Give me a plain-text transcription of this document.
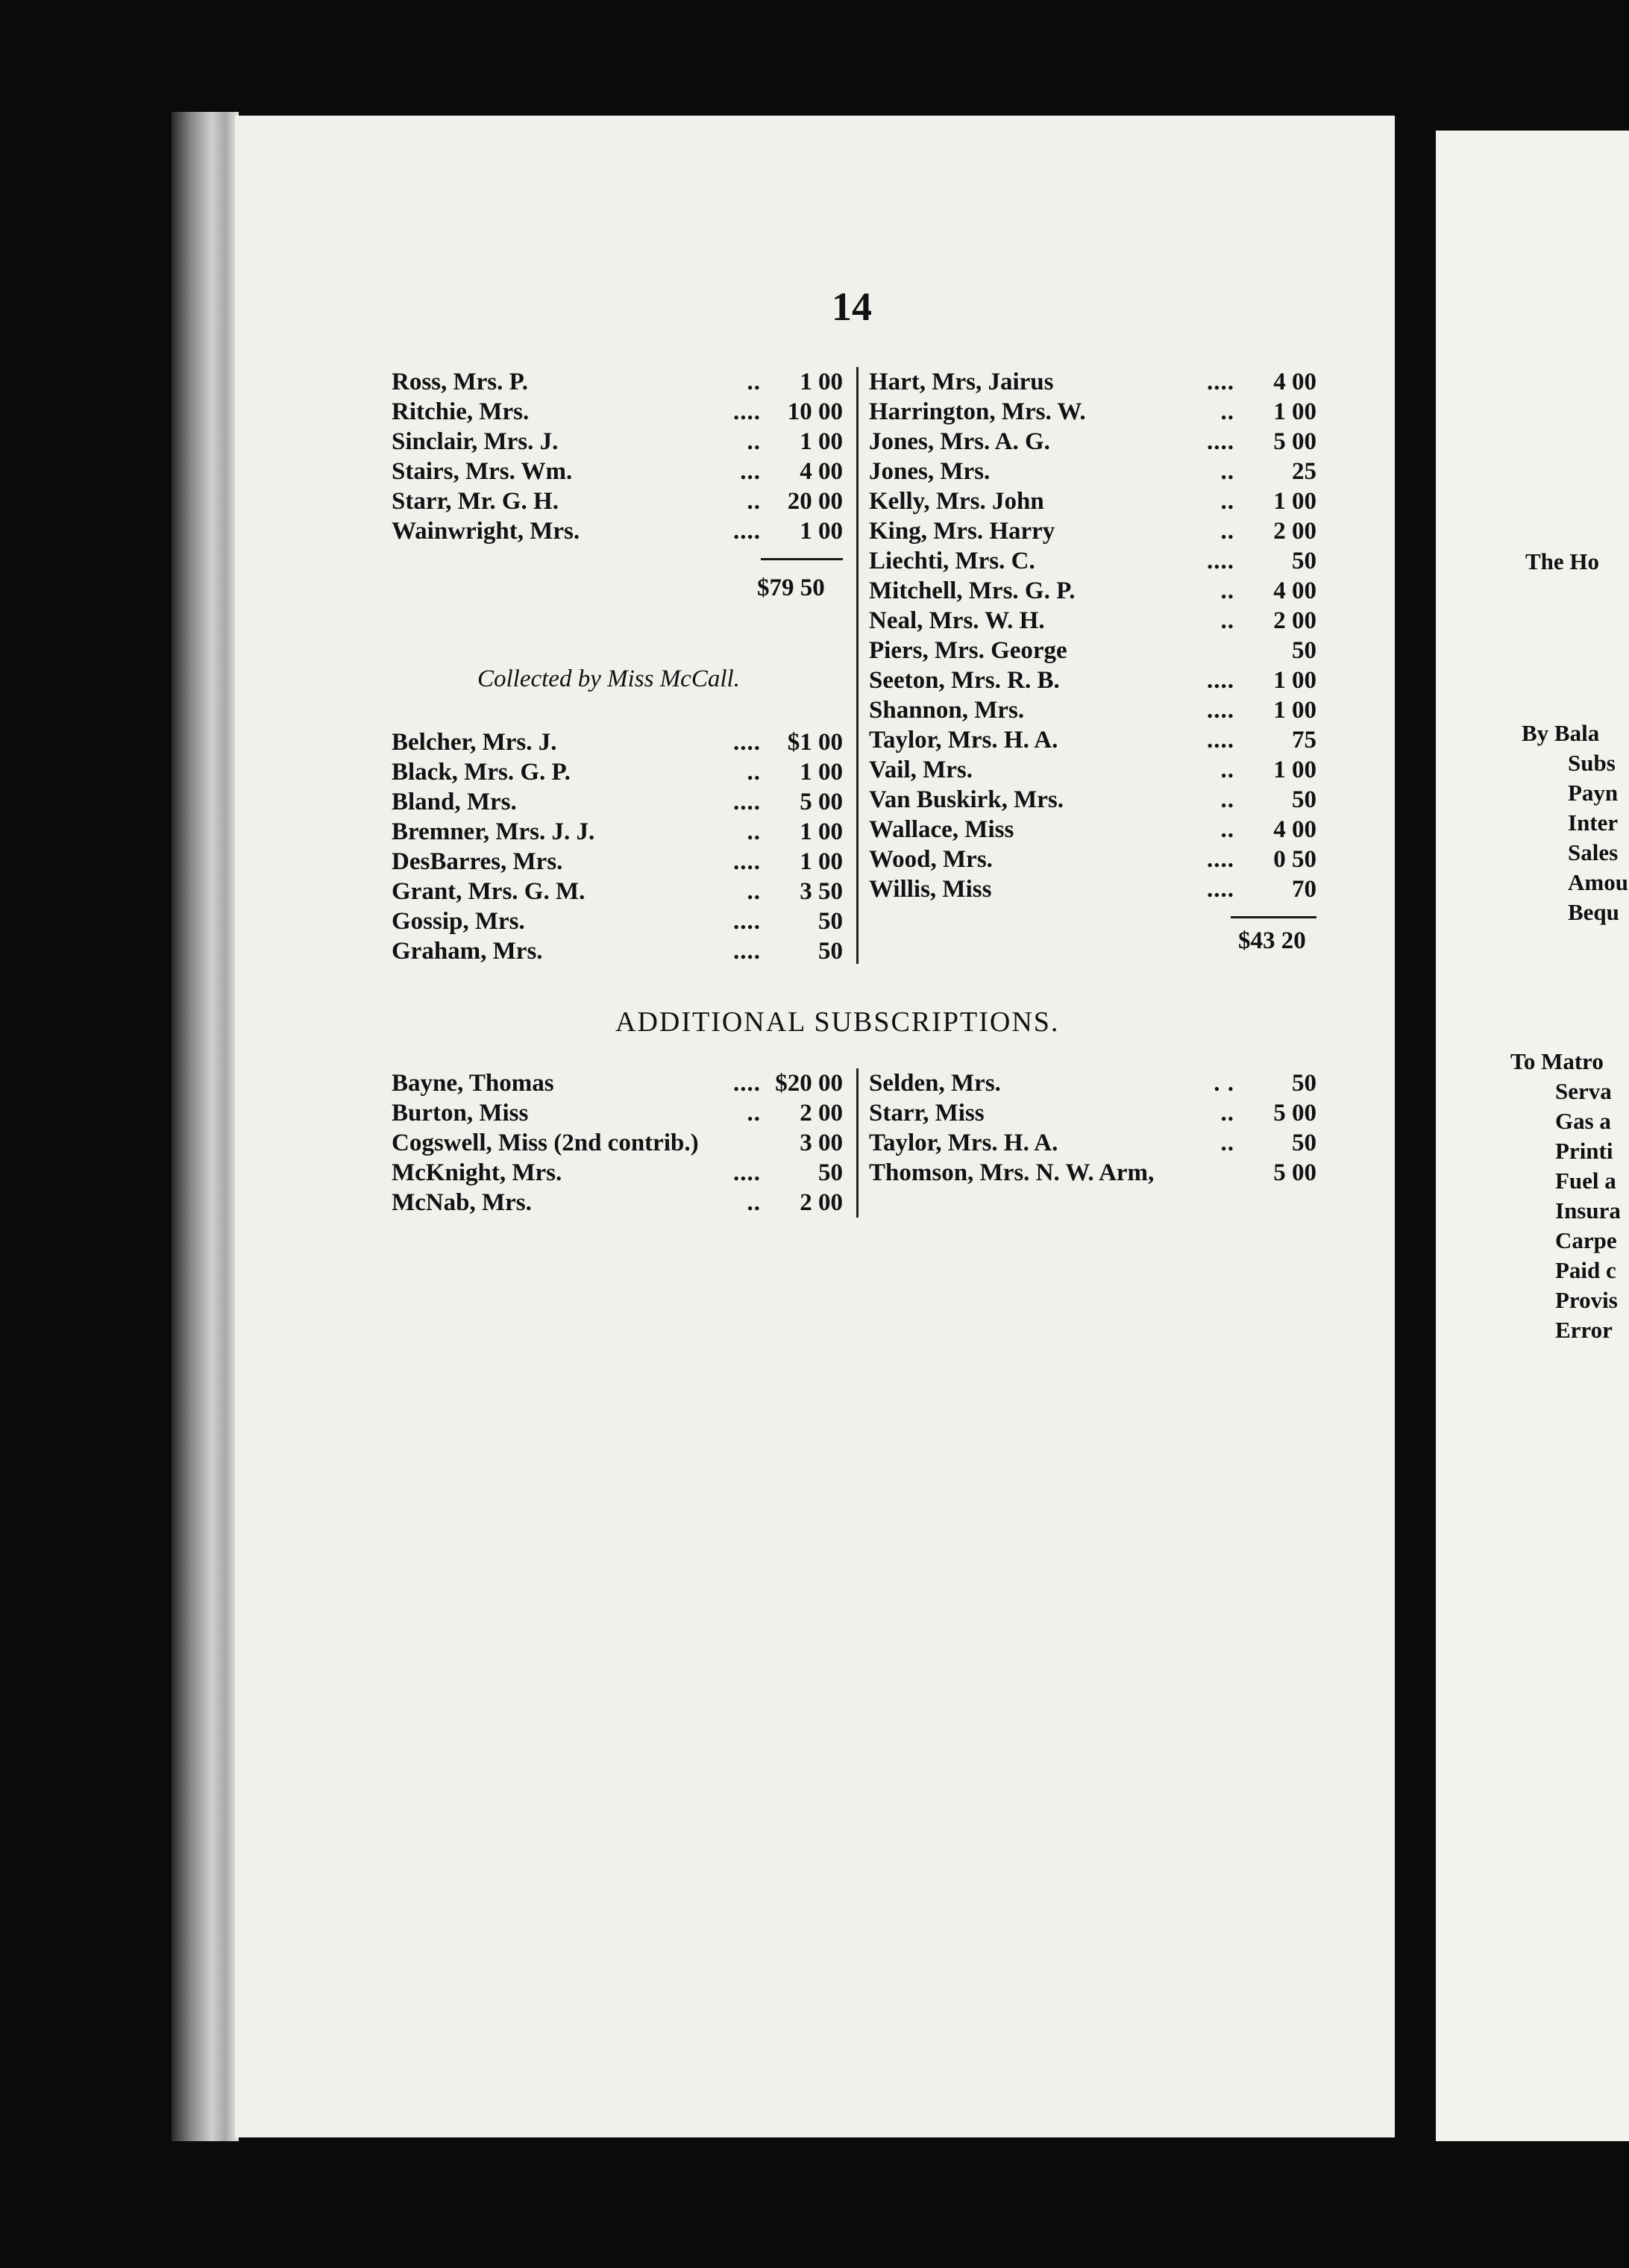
The Ho
By Bala
Subs
Payn
Inter
Sales
Amou
Bequ
To Matro
Serva
Gas a
Printi
Fuel a
Insura
Carpe
Paid c
Provis
Error
14
Ross, Mrs. P.	.. 1 00
Ritchie, Mrs.	.... 10 00
Sinclair, Mrs. J.	.. 1 00
Stairs, Mrs. Wm.	... 4 00
Starr, Mr. G. H.	.. 20 00
Wainwright, Mrs.	.... 1 00
$79 50
Collected by Miss McCall.
Belcher, Mrs. J.	.... $1 00
Black, Mrs. G. P.	.. 1 00
Bland, Mrs.	.... 5 00
Bremner, Mrs. J. J.	.. 1 00
DesBarres, Mrs.	.... 1 00
Grant, Mrs. G. M.	.. 3 50
Gossip, Mrs.	.... 50
Graham, Mrs.	.... 50
Hart, Mrs, Jairus	.... 4 00
Harrington, Mrs. W.	.. 1 00
Jones, Mrs. A. G.	.... 5 00
Jones, Mrs.	.. 25
Kelly, Mrs. John	.. 1 00
King, Mrs. Harry	.. 2 00
Liechti, Mrs. C.	.... 50
Mitchell, Mrs. G. P.	.. 4 00
Neal, Mrs. W. H.	.. 2 00
Piers, Mrs. George	50
Seeton, Mrs. R. B.	.... 1 00
Shannon, Mrs.	.... 1 00
Taylor, Mrs. H. A.	.... 75
Vail, Mrs.	.. 1 00
Van Buskirk, Mrs.	.. 50
Wallace, Miss	.. 4 00
Wood, Mrs.	.... 0 50
Willis, Miss	.... 70
$43 20
ADDITIONAL SUBSCRIPTIONS.
Bayne, Thomas	.... $20 00
Burton, Miss	.. 2 00
Cogswell, Miss (2nd contrib.)	3 00
McKnight, Mrs.	.... 50
McNab, Mrs.	.. 2 00
Selden, Mrs.	. . 50
Starr, Miss	.. 5 00
Taylor, Mrs. H. A.	.. 50
Thomson, Mrs. N. W. Arm,	5 00
